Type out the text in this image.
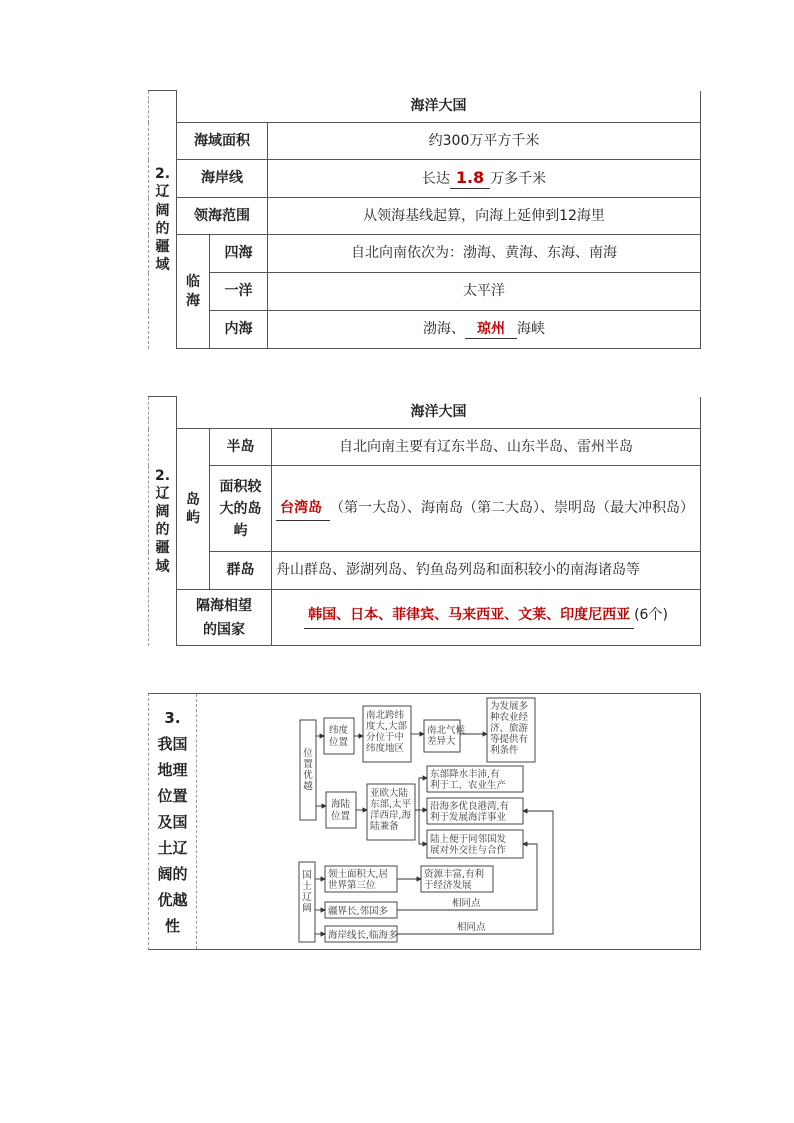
2.辽阔的疆域	海洋大国		
	海域面积		约300万平方千米
	海岸线		长达 1.8 万多千米
	领海范围		从领海基线起算，向海上延伸到12海里

	临海	四海	自北向南依次为：渤海、黄海、东海、南海
		一洋	太平洋
		内海	渤海、 琼州 海峡
2.辽阔的疆域	海洋大国		

	岛屿	半岛	自北向南主要有辽东半岛、山东半岛、雷州半岛

		面积较大的岛屿	台湾岛 （第一大岛）、海南岛（第二大岛）、崇明岛（最大冲积岛）
		群岛	舟山群岛、澎湖列岛、钓鱼岛列岛和面积较小的南海诸岛等

	隔海相望的国家		韩国、日本、菲律宾、马来西亚、文莱、印度尼西亚 (6个)
3.我国地理位置及国土辽阔的优越性
位置优越
国土辽阔
纬度位置
南北跨纬度大,大部分位于中纬度地区
南北气候差异大
为发展多种农业经济、旅游等提供有利条件
海陆位置
亚欧大陆东部,太平洋西岸,海陆兼备
东部降水丰沛,有利于工、农业生产
沿海多优良港湾,有利于发展海洋事业
陆上便于同邻国发展对外交往与合作
领土面积大,居世界第三位
资源丰富,有利于经济发展
疆界长,邻国多
海岸线长,临海多
相同点
相同点
